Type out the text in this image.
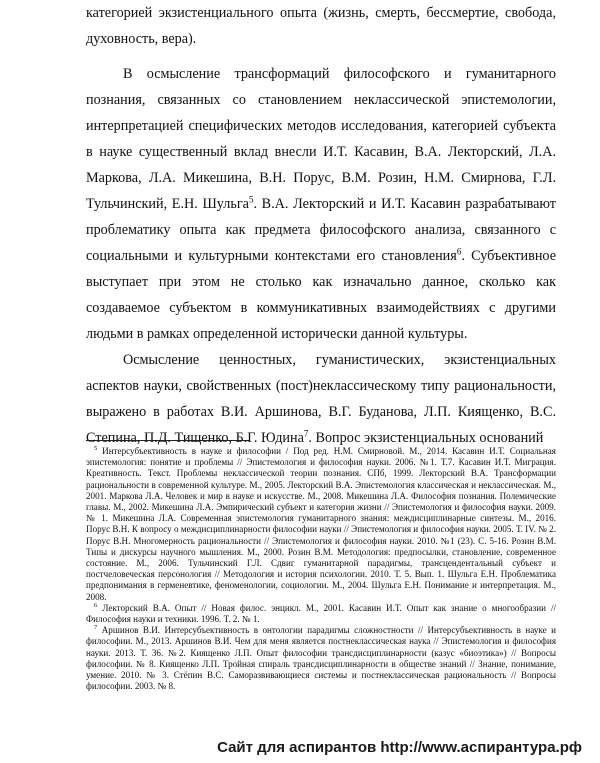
категорией экзистенциального опыта (жизнь, смерть, бессмертие, свобода, духовность, вера).

В осмысление трансформаций философского и гуманитарного познания, связанных со становлением неклассической эпистемологии, интерпретацией специфических методов исследования, категорией субъекта в науке существенный вклад внесли И.Т. Касавин, В.А. Лекторский, Л.А. Маркова, Л.А. Микешина, В.Н. Порус, В.М. Розин, Н.М. Смирнова, Г.Л. Тульчинский, Е.Н. Шульга$^5$. В.А. Лекторский и И.Т. Касавин разрабатывают проблематику опыта как предмета философского анализа, связанного с социальными и культурными контекстами его становления$^6$. Субъективное выступает при этом не столько как изначально данное, сколько как создаваемое субъектом в коммуникативных взаимодействиях с другими людьми в рамках определенной исторически данной культуры.

Осмысление ценностных, гуманистических, экзистенциальных аспектов науки, свойственных (пост)неклассическому типу рациональности, выражено в работах В.И. Аршинова, В.Г. Буданова, Л.П. Киященко, В.С. Степина, П.Д. Тищенко, Б.Г. Юдина$^7$. Вопрос экзистенциальных оснований

$^5$ Интерсубъективность в науке и философии / Под ред. Н.М. Смирновой. М., 2014. Касавин И.Т. Социальная эпистемология: понятие и проблемы // Эпистемология и философия науки. 2006. №1. Т.7. Касавин И.Т. Миграция. Креативность. Текст. Проблемы неклассической теории познания. СПб, 1999. Лекторский В.А. Трансформации рациональности в современной культуре. М., 2005. Лекторский В.А. Эпистемология классическая и неклассическая. М., 2001. Маркова Л.А. Человек и мир в науке и искусстве. М., 2008. Микешина Л.А. Философия познания. Полемические главы. М., 2002. Микешина Л.А. Эмпирический субъект и категория жизни // Эпистемология и философия науки. 2009. № 1. Микешина Л.А. Современная эпистемология гуманитарного знания: междисциплинарные синтезы. М., 2016. Порус В.Н. К вопросу о междисциплинарности философии науки // Эпистемология и философия науки. 2005. Т. IV. № 2. Порус В.Н. Многомерность рациональности // Эпистемология и философия науки. 2010. №1 (23). С. 5-16. Розин В.М. Типы и дискурсы научного мышления. М., 2000. Розин В.М. Методология: предпосылки, становление, современное состояние. М., 2006. Тульчинский Г.Л. Сдвиг гуманитарной парадигмы, трансцендентальный субъект и постчеловеческая персонология // Методология и история психологии. 2010. Т. 5. Вып. 1. Шульга Е.Н. Проблематика предпонимания в герменевтике, феноменологии, социологии. М., 2004. Шульга Е.Н. Понимание и интерпретация. М., 2008.

$^6$ Лекторский В.А. Опыт // Новая филос. энцикл. М., 2001. Касавин И.Т. Опыт как знание о многообразии // Философия науки и техники. 1996. Т. 2. № 1.

$^7$ Аршинов В.И. Интерсубъективность в онтологии парадигмы сложностности // Интерсубъективность в науке и философии. М., 2013. Аршинов В.И. Чем для меня является постнеклассическая наука // Эпистемология и философия науки. 2013. Т. 36. №2. Киященко Л.П. Опыт философии трансдисциплинарности (казус «биоэтика») // Вопросы философии. № 8. Киященко Л.П. Тройная спираль трансдисциплинарности в обществе знаний // Знание, понимание, умение. 2010. № 3. Стёпин В.С. Саморазвивающиеся системы и постнеклассическая рациональность // Вопросы философии. 2003. № 8.

Сайт для аспирантов http://www.аспирантура.рф
